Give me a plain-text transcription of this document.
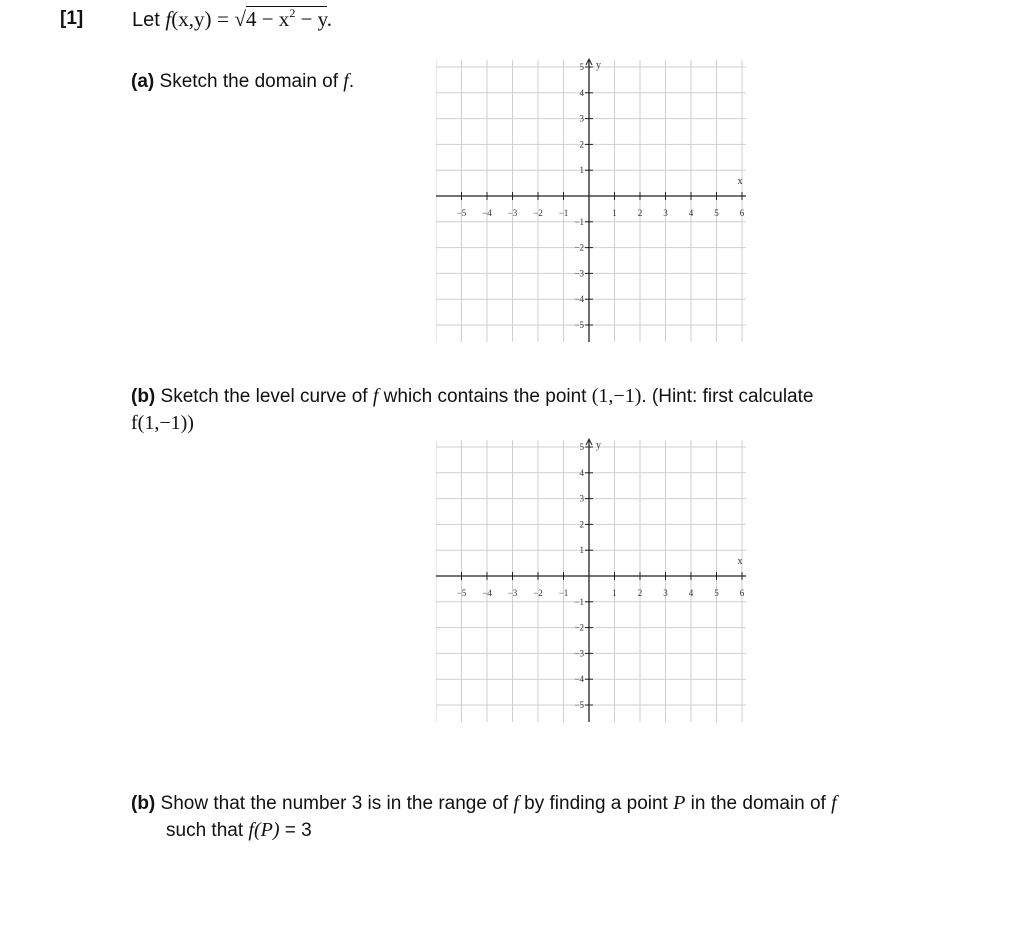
[1] Let $f(x,y) = √4 - x^2 - y$.
(a) Sketch the domain of f.
−5 −4 −3 −2 −1	1 2 3 4 5 6
5
4
3
2
1
−1
−2
−3
−4
−5
x
y
(b) Sketch the level curve of f which contains the point (1,−1). (Hint: first calculate
f(1,−1))
−5 −4 −3 −2 −1	1 2 3 4 5 6
5
4
3
2
1
−1
−2
−3
−4
−5
x
y
(b) Show that the number 3 is in the range of f by finding a point P in the domain of f
such that f(P) = 3
